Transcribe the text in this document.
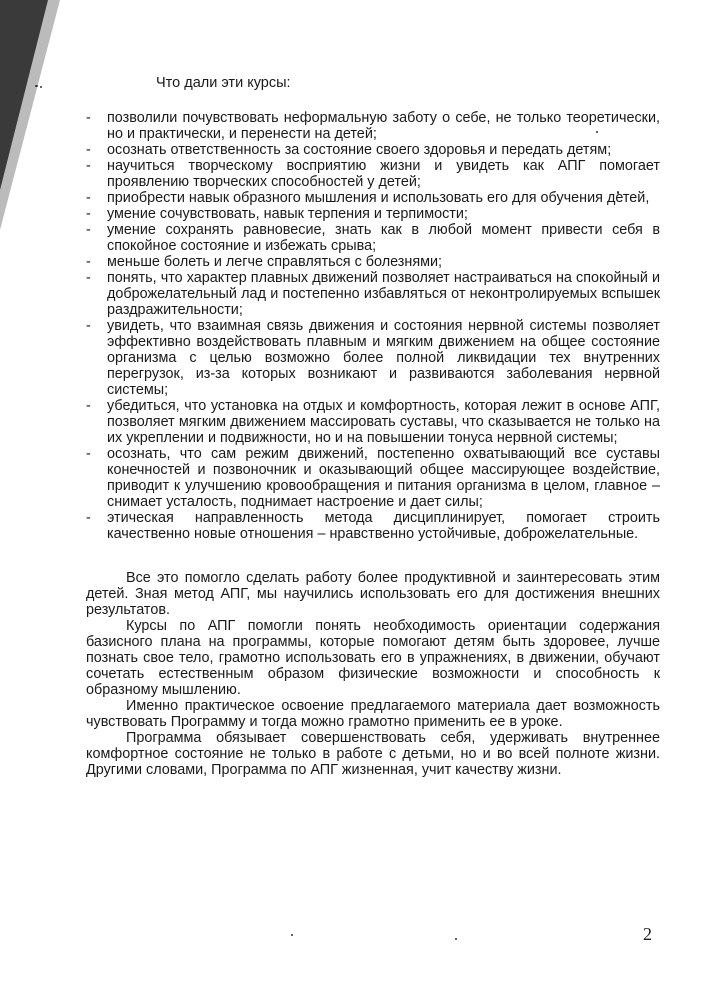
Что дали эти курсы:
-	позволили почувствовать неформальную заботу о себе, не только теоретически, но и практически, и перенести на детей;
-	осознать ответственность за состояние своего здоровья и передать детям;
-	научиться творческому восприятию жизни и увидеть как АПГ помогает проявлению творческих способностей у детей;
-	приобрести навык образного мышления и использовать его для обучения детей,
-	умение сочувствовать, навык терпения и терпимости;
-	умение сохранять равновесие, знать как в любой момент привести себя в спокойное состояние и избежать срыва;
-	меньше болеть и легче справляться с болезнями;
-	понять, что характер плавных движений позволяет настраиваться на спокойный и доброжелательный лад и постепенно избавляться от неконтролируемых вспышек раздражительности;
-	увидеть, что взаимная связь движения и состояния нервной системы позволяет эффективно воздействовать плавным и мягким движением на общее состояние организма с целью возможно более полной ликвидации тех внутренних перегрузок, из-за которых возникают и развиваются заболевания нервной системы;
-	убедиться, что установка на отдых и комфортность, которая лежит в основе АПГ, позволяет мягким движением массировать суставы, что сказывается не только на их укреплении и подвижности, но и на повышении тонуса нервной системы;
-	осознать, что сам режим движений, постепенно охватывающий все суставы конечностей и позвоночник и оказывающий общее массирующее воздействие, приводит к улучшению кровообращения и питания организма в целом, главное – снимает усталость, поднимает настроение и дает силы;
-	этическая направленность метода дисциплинирует, помогает строить качественно новые отношения – нравственно устойчивые, доброжелательные.

Все это помогло сделать работу более продуктивной и заинтересовать этим детей. Зная метод АПГ, мы научились использовать его для достижения внешних результатов.

Курсы по АПГ помогли понять необходимость ориентации содержания базисного плана на программы, которые помогают детям быть здоровее, лучше познать свое тело, грамотно использовать его в упражнениях, в движении, обучают сочетать естественным образом физические возможности и способность к образному мышлению.

Именно практическое освоение предлагаемого материала дает возможность чувствовать Программу и тогда можно грамотно применить ее в уроке.

Программа обязывает совершенствовать себя, удерживать внутреннее комфортное состояние не только в работе с детьми, но и во всей полноте жизни. Другими словами, Программа по АПГ жизненная, учит качеству жизни.

2
